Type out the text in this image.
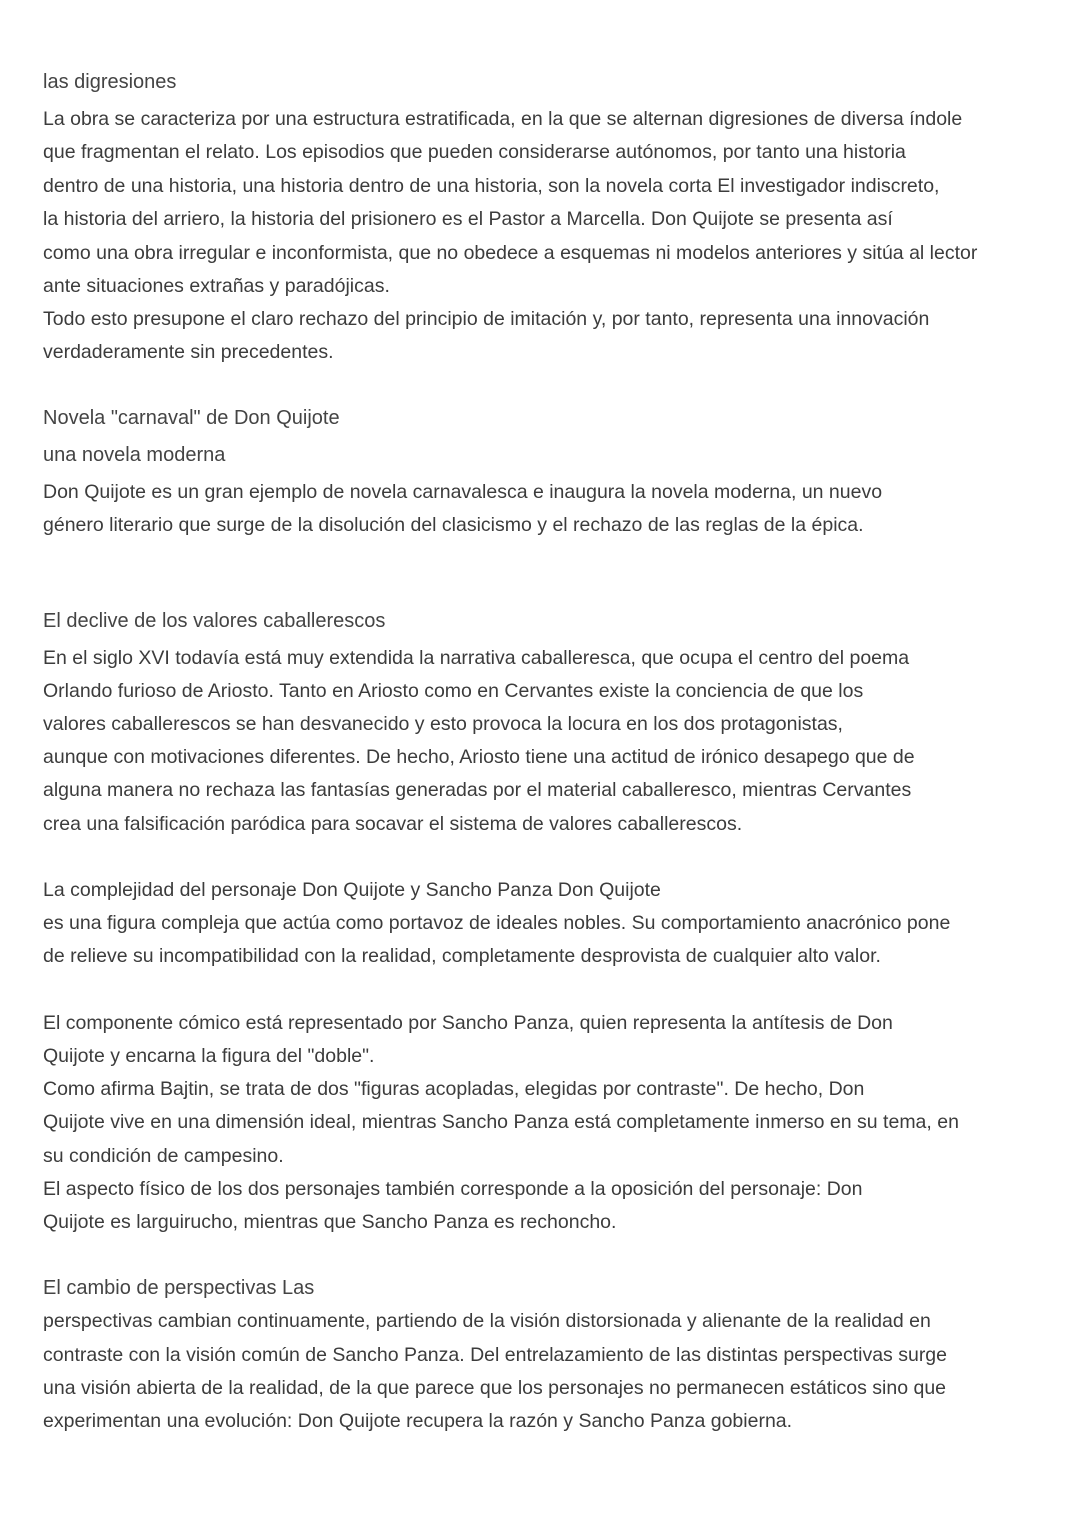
las digresiones
La obra se caracteriza por una estructura estratificada, en la que se alternan digresiones de diversa índole
que fragmentan el relato. Los episodios que pueden considerarse autónomos, por tanto una historia
dentro de una historia, una historia dentro de una historia, son la novela corta El investigador indiscreto,
la historia del arriero, la historia del prisionero es el Pastor a Marcella. Don Quijote se presenta así
como una obra irregular e inconformista, que no obedece a esquemas ni modelos anteriores y sitúa al lector
ante situaciones extrañas y paradójicas.
Todo esto presupone el claro rechazo del principio de imitación y, por tanto, representa una innovación
verdaderamente sin precedentes.
Novela "carnaval" de Don Quijote
una novela moderna
Don Quijote es un gran ejemplo de novela carnavalesca e inaugura la novela moderna, un nuevo
género literario que surge de la disolución del clasicismo y el rechazo de las reglas de la épica.
El declive de los valores caballerescos
En el siglo XVI todavía está muy extendida la narrativa caballeresca, que ocupa el centro del poema
Orlando furioso de Ariosto. Tanto en Ariosto como en Cervantes existe la conciencia de que los
valores caballerescos se han desvanecido y esto provoca la locura en los dos protagonistas,
aunque con motivaciones diferentes. De hecho, Ariosto tiene una actitud de irónico desapego que de
alguna manera no rechaza las fantasías generadas por el material caballeresco, mientras Cervantes
crea una falsificación paródica para socavar el sistema de valores caballerescos.
La complejidad del personaje Don Quijote y Sancho Panza Don Quijote
es una figura compleja que actúa como portavoz de ideales nobles. Su comportamiento anacrónico pone
de relieve su incompatibilidad con la realidad, completamente desprovista de cualquier alto valor.
El componente cómico está representado por Sancho Panza, quien representa la antítesis de Don
Quijote y encarna la figura del "doble".
Como afirma Bajtin, se trata de dos "figuras acopladas, elegidas por contraste". De hecho, Don
Quijote vive en una dimensión ideal, mientras Sancho Panza está completamente inmerso en su tema, en
su condición de campesino.
El aspecto físico de los dos personajes también corresponde a la oposición del personaje: Don
Quijote es larguirucho, mientras que Sancho Panza es rechoncho.
El cambio de perspectivas Las
perspectivas cambian continuamente, partiendo de la visión distorsionada y alienante de la realidad en
contraste con la visión común de Sancho Panza. Del entrelazamiento de las distintas perspectivas surge
una visión abierta de la realidad, de la que parece que los personajes no permanecen estáticos sino que
experimentan una evolución: Don Quijote recupera la razón y Sancho Panza gobierna.
